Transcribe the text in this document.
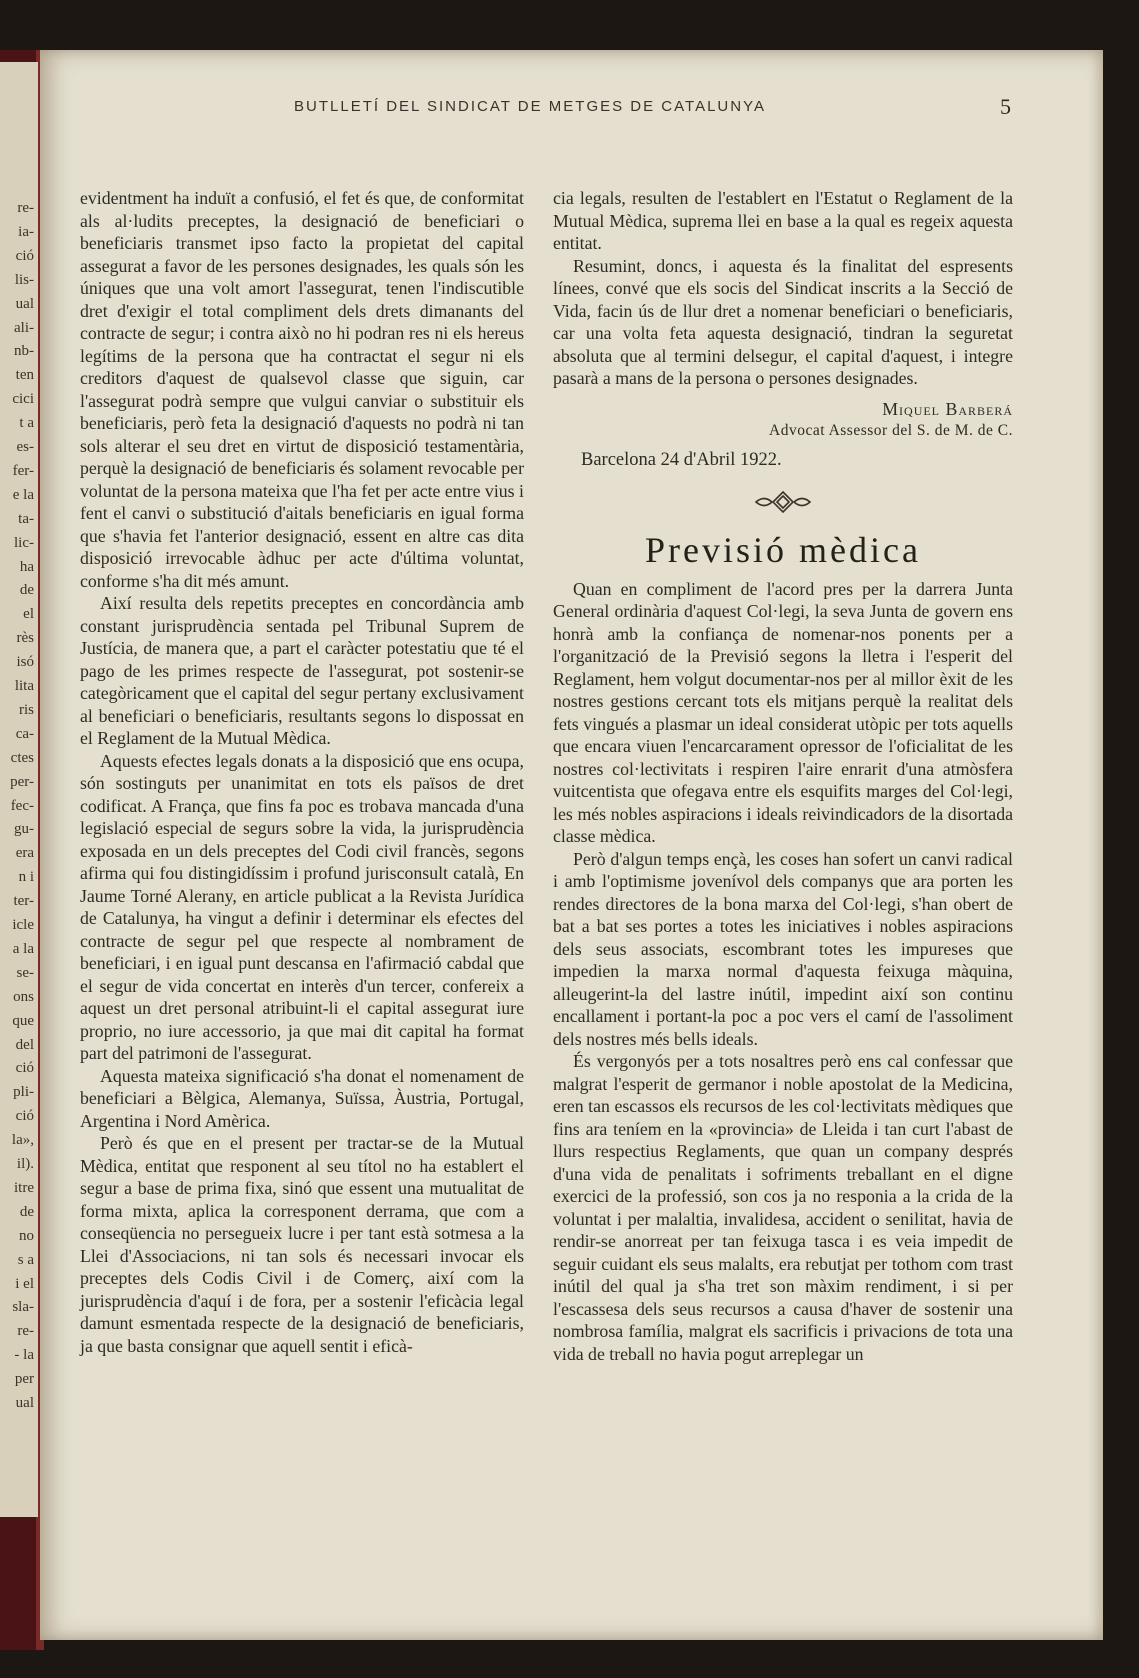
re-
ia-
ció
lis-
ual
ali-
nb-
ten
cici
t a
es-
fer-
e la
ta-
lic-
ha
de
el
rès
isó
lita
ris
ca-
ctes
per-
fec-
gu-
era
n i
ter-
icle
a la
se-
ons
que
del
ció
pli-
ció
la»,
il).
itre
de
no
s a
i el
sla-
re-
- la
per
ual
BUTLLETÍ DEL SINDICAT DE METGES DE CATALUNYA	5

evidentment ha induït a confusió, el fet és que, de conformitat als al·ludits preceptes, la designació de beneficiari o beneficiaris transmet ipso facto la propietat del capital assegurat a favor de les persones designades, les quals són les úniques que una volt amort l'assegurat, tenen l'indiscutible dret d'exigir el total compliment dels drets dimanants del contracte de segur; i contra això no hi podran res ni els hereus legítims de la persona que ha contractat el segur ni els creditors d'aquest de qualsevol classe que siguin, car l'assegurat podrà sempre que vulgui canviar o substituir els beneficiaris, però feta la designació d'aquests no podrà ni tan sols alterar el seu dret en virtut de disposició testamentària, perquè la designació de beneficiaris és solament revocable per voluntat de la persona mateixa que l'ha fet per acte entre vius i fent el canvi o substitució d'aitals beneficiaris en igual forma que s'havia fet l'anterior designació, essent en altre cas dita disposició irrevocable àdhuc per acte d'última voluntat, conforme s'ha dit més amunt.

Així resulta dels repetits preceptes en concordància amb constant jurisprudència sentada pel Tribunal Suprem de Justícia, de manera que, a part el caràcter potestatiu que té el pago de les primes respecte de l'assegurat, pot sostenir-se categòricament que el capital del segur pertany exclusivament al beneficiari o beneficiaris, resultants segons lo dispossat en el Reglament de la Mutual Mèdica.

Aquests efectes legals donats a la disposició que ens ocupa, són sostinguts per unanimitat en tots els països de dret codificat. A França, que fins fa poc es trobava mancada d'una legislació especial de segurs sobre la vida, la jurisprudència exposada en un dels preceptes del Codi civil francès, segons afirma qui fou distingidíssim i profund jurisconsult català, En Jaume Torné Alerany, en article publicat a la Revista Jurídica de Catalunya, ha vingut a definir i determinar els efectes del contracte de segur pel que respecte al nombrament de beneficiari, i en igual punt descansa en l'afirmació cabdal que el segur de vida concertat en interès d'un tercer, confereix a aquest un dret personal atribuint-li el capital assegurat iure proprio, no iure accessorio, ja que mai dit capital ha format part del patrimoni de l'assegurat.

Aquesta mateixa significació s'ha donat el nomenament de beneficiari a Bèlgica, Alemanya, Suïssa, Àustria, Portugal, Argentina i Nord Amèrica.

Però és que en el present per tractar-se de la Mutual Mèdica, entitat que responent al seu títol no ha establert el segur a base de prima fixa, sinó que essent una mutualitat de forma mixta, aplica la corresponent derrama, que com a conseqüencia no persegueix lucre i per tant està sotmesa a la Llei d'Associacions, ni tan sols és necessari invocar els preceptes dels Codis Civil i de Comerç, així com la jurisprudència d'aquí i de fora, per a sostenir l'eficàcia legal damunt esmentada respecte de la designació de beneficiaris, ja que basta consignar que aquell sentit i eficà-

cia legals, resulten de l'establert en l'Estatut o Reglament de la Mutual Mèdica, suprema llei en base a la qual es regeix aquesta entitat.

Resumint, doncs, i aquesta és la finalitat del espresents línees, convé que els socis del Sindicat inscrits a la Secció de Vida, facin ús de llur dret a nomenar beneficiari o beneficiaris, car una volta feta aquesta designació, tindran la seguretat absoluta que al termini delsegur, el capital d'aquest, i integre pasarà a mans de la persona o persones designades.

Miquel Barberá
Advocat Assessor del S. de M. de C.
Barcelona 24 d'Abril 1922.
Previsió mèdica

Quan en compliment de l'acord pres per la darrera Junta General ordinària d'aquest Col·legi, la seva Junta de govern ens honrà amb la confiança de nomenar-nos ponents per a l'organització de la Previsió segons la lletra i l'esperit del Reglament, hem volgut documentar-nos per al millor èxit de les nostres gestions cercant tots els mitjans perquè la realitat dels fets vingués a plasmar un ideal considerat utòpic per tots aquells que encara viuen l'encarcarament opressor de l'oficialitat de les nostres col·lectivitats i respiren l'aire enrarit d'una atmòsfera vuitcentista que ofegava entre els esquifits marges del Col·legi, les més nobles aspiracions i ideals reivindicadors de la disortada classe mèdica.

Però d'algun temps ençà, les coses han sofert un canvi radical i amb l'optimisme jovenívol dels companys que ara porten les rendes directores de la bona marxa del Col·legi, s'han obert de bat a bat ses portes a totes les iniciatives i nobles aspiracions dels seus associats, escombrant totes les impureses que impedien la marxa normal d'aquesta feixuga màquina, alleugerint-la del lastre inútil, impedint així son continu encallament i portant-la poc a poc vers el camí de l'assoliment dels nostres més bells ideals.

És vergonyós per a tots nosaltres però ens cal confessar que malgrat l'esperit de germanor i noble apostolat de la Medicina, eren tan escassos els recursos de les col·lectivitats mèdiques que fins ara teníem en la «provincia» de Lleida i tan curt l'abast de llurs respectius Reglaments, que quan un company després d'una vida de penalitats i sofriments treballant en el digne exercici de la professió, son cos ja no responia a la crida de la voluntat i per malaltia, invalidesa, accident o senilitat, havia de rendir-se anorreat per tan feixuga tasca i es veia impedit de seguir cuidant els seus malalts, era rebutjat per tothom com trast inútil del qual ja s'ha tret son màxim rendiment, i si per l'escassesa dels seus recursos a causa d'haver de sostenir una nombrosa família, malgrat els sacrificis i privacions de tota una vida de treball no havia pogut arreplegar un
